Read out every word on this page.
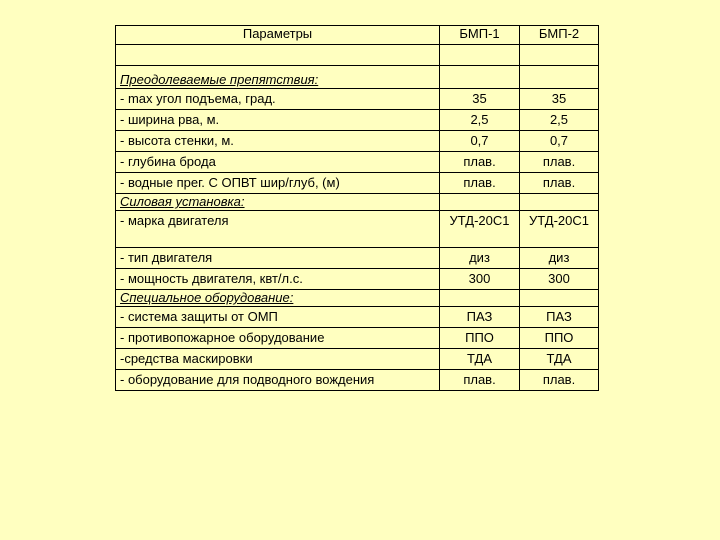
Параметры	БМП-1	БМП-2

Преодолеваемые препятствия:		
- max угол подъема, град.	35	35
- ширина рва, м.	2,5	2,5
- высота стенки, м.	0,7	0,7
- глубина брода	плав.	плав.
- водные прег. С ОПВТ шир/глуб, (м)	плав.	плав.
Силовая установка:		
- марка двигателя	УТД-20С1	УТД-20С1
- тип двигателя	диз	диз
- мощность двигателя, квт/л.с.	300	300
Специальное оборудование:		
- система защиты от ОМП	ПАЗ	ПАЗ
- противопожарное оборудование	ППО	ППО
-средства маскировки	ТДА	ТДА
- оборудование для подводного вождения	плав.	плав.
